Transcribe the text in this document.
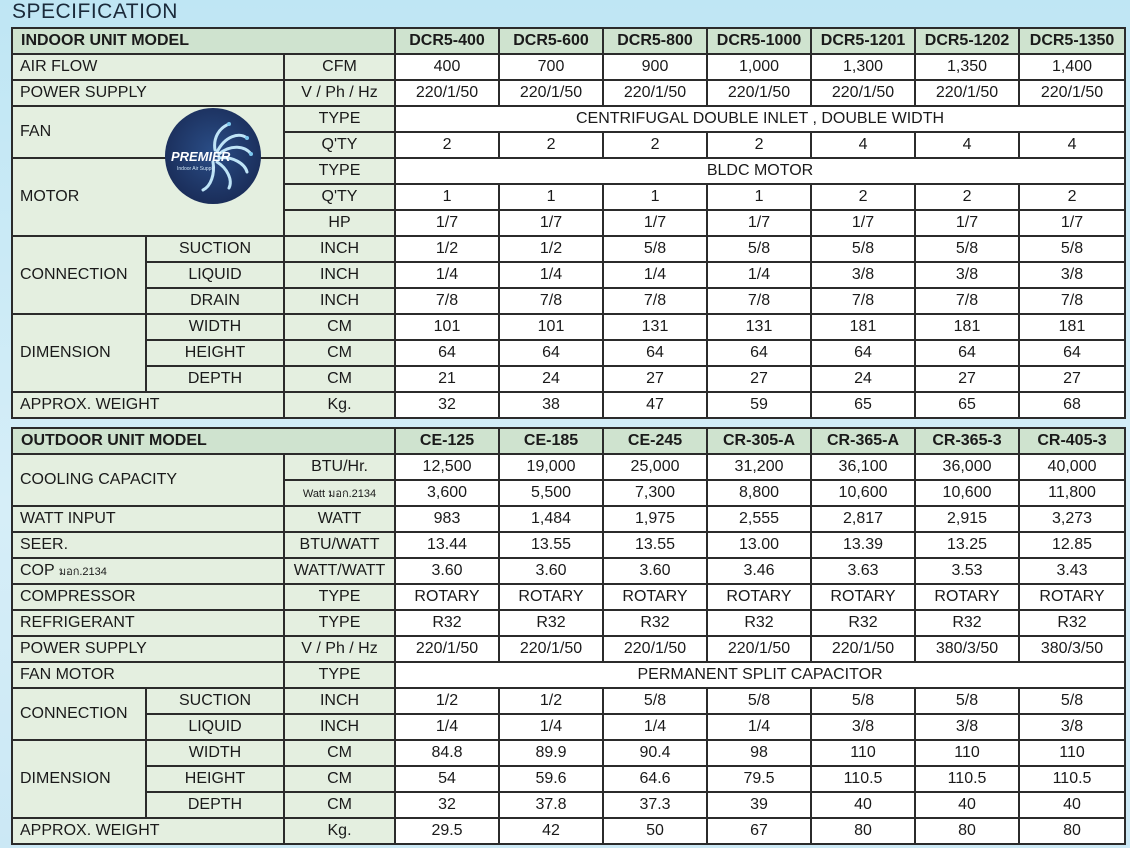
SPECIFICATION
INDOOR UNIT MODEL			DCR5-400	DCR5-600	DCR5-800	DCR5-1000	DCR5-1201	DCR5-1202	DCR5-1350
AIR FLOW		CFM	400	700	900	1,000	1,300	1,350	1,400
POWER SUPPLY		V / Ph / Hz	220/1/50	220/1/50	220/1/50	220/1/50	220/1/50	220/1/50	220/1/50
FAN		TYPE	CENTRIFUGAL DOUBLE INLET , DOUBLE WIDTH						
		Q'TY	2	2	2	2	4	4	4
MOTOR		TYPE	BLDC MOTOR						
		Q'TY	1	1	1	1	2	2	2
		HP	1/7	1/7	1/7	1/7	1/7	1/7	1/7
CONNECTION	SUCTION	INCH	1/2	1/2	5/8	5/8	5/8	5/8	5/8
	LIQUID	INCH	1/4	1/4	1/4	1/4	3/8	3/8	3/8
	DRAIN	INCH	7/8	7/8	7/8	7/8	7/8	7/8	7/8
DIMENSION	WIDTH	CM	101	101	131	131	181	181	181
	HEIGHT	CM	64	64	64	64	64	64	64
	DEPTH	CM	21	24	27	27	24	27	27
APPROX. WEIGHT		Kg.	32	38	47	59	65	65	68
PREMIER
Indoor Air Supply
OUTDOOR UNIT MODEL			CE-125	CE-185	CE-245	CR-305-A	CR-365-A	CR-365-3	CR-405-3
COOLING CAPACITY		BTU/Hr.	12,500	19,000	25,000	31,200	36,100	36,000	40,000
		Watt มอก.2134	3,600	5,500	7,300	8,800	10,600	10,600	11,800
WATT INPUT		WATT	983	1,484	1,975	2,555	2,817	2,915	3,273
SEER.		BTU/WATT	13.44	13.55	13.55	13.00	13.39	13.25	12.85
COP มอก.2134		WATT/WATT	3.60	3.60	3.60	3.46	3.63	3.53	3.43
COMPRESSOR		TYPE	ROTARY	ROTARY	ROTARY	ROTARY	ROTARY	ROTARY	ROTARY
REFRIGERANT		TYPE	R32	R32	R32	R32	R32	R32	R32
POWER SUPPLY		V / Ph / Hz	220/1/50	220/1/50	220/1/50	220/1/50	220/1/50	380/3/50	380/3/50
FAN MOTOR		TYPE	PERMANENT SPLIT CAPACITOR						
CONNECTION	SUCTION	INCH	1/2	1/2	5/8	5/8	5/8	5/8	5/8
	LIQUID	INCH	1/4	1/4	1/4	1/4	3/8	3/8	3/8
DIMENSION	WIDTH	CM	84.8	89.9	90.4	98	110	110	110
	HEIGHT	CM	54	59.6	64.6	79.5	110.5	110.5	110.5
	DEPTH	CM	32	37.8	37.3	39	40	40	40
APPROX. WEIGHT		Kg.	29.5	42	50	67	80	80	80
